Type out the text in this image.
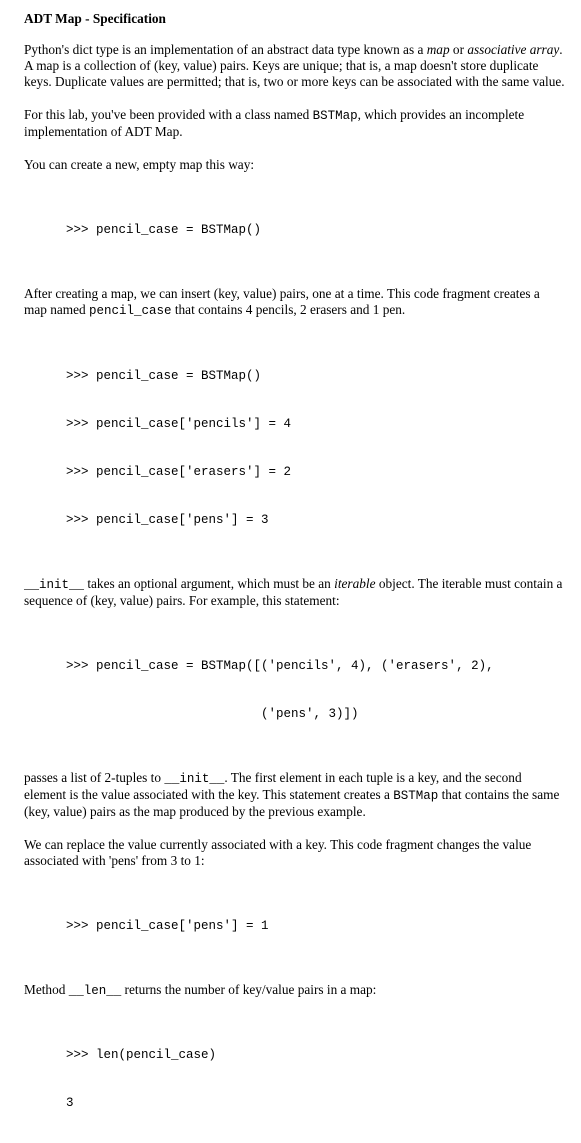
ADT Map - Specification

Python's dict type is an implementation of an abstract data type known as a map or associative array. A map is a collection of (key, value) pairs. Keys are unique; that is, a map doesn't store duplicate keys. Duplicate values are permitted; that is, two or more keys can be associated with the same value.

For this lab, you've been provided with a class named BSTMap, which provides an incomplete implementation of ADT Map.

You can create a new, empty map this way:

>>> pencil_case = BSTMap()

After creating a map, we can insert (key, value) pairs, one at a time. This code fragment creates a map named pencil_case that contains 4 pencils, 2 erasers and 1 pen.

>>> pencil_case = BSTMap()

>>> pencil_case['pencils'] = 4

>>> pencil_case['erasers'] = 2

>>> pencil_case['pens'] = 3

__init__ takes an optional argument, which must be an iterable object. The iterable must contain a sequence of (key, value) pairs. For example, this statement:

>>> pencil_case = BSTMap([('pencils', 4), ('erasers', 2),

('pens', 3)])

passes a list of 2-tuples to __init__. The first element in each tuple is a key, and the second element is the value associated with the key. This statement creates a BSTMap that contains the same (key, value) pairs as the map produced by the previous example.

We can replace the value currently associated with a key. This code fragment changes the value associated with 'pens' from 3 to 1:

>>> pencil_case['pens'] = 1

Method __len__ returns the number of key/value pairs in a map:

>>> len(pencil_case)

3
